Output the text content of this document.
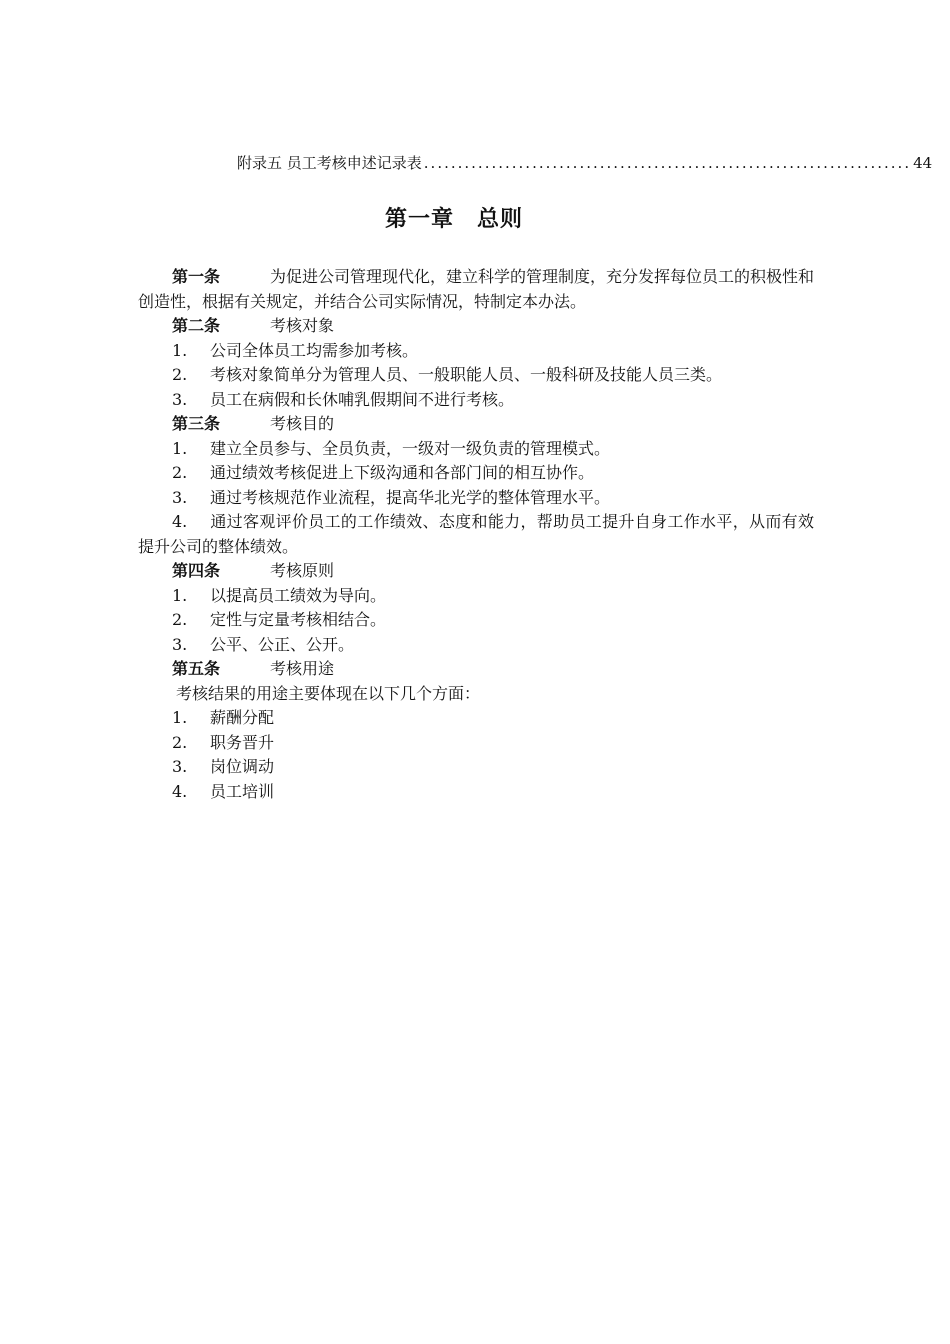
附录五 员工考核申述记录表 ........................................................................ 44
第一章　总则

第一条	为促进公司管理现代化，建立科学的管理制度，充分发挥每位员工的积极性和创造性，根据有关规定，并结合公司实际情况，特制定本办法。

第二条	考核对象
1.	公司全体员工均需参加考核。
2.	考核对象简单分为管理人员、一般职能人员、一般科研及技能人员三类。
3.	员工在病假和长休哺乳假期间不进行考核。
第三条	考核目的
1.	建立全员参与、全员负责，一级对一级负责的管理模式。
2.	通过绩效考核促进上下级沟通和各部门间的相互协作。
3.	通过考核规范作业流程，提高华北光学的整体管理水平。

4. 通过客观评价员工的工作绩效、态度和能力，帮助员工提升自身工作水平，从而有效提升公司的整体绩效。

第四条	考核原则
1.	以提高员工绩效为导向。
2.	定性与定量考核相结合。
3.	公平、公正、公开。
第五条	考核用途
考核结果的用途主要体现在以下几个方面：
1.	薪酬分配
2.	职务晋升
3.	岗位调动
4.	员工培训
